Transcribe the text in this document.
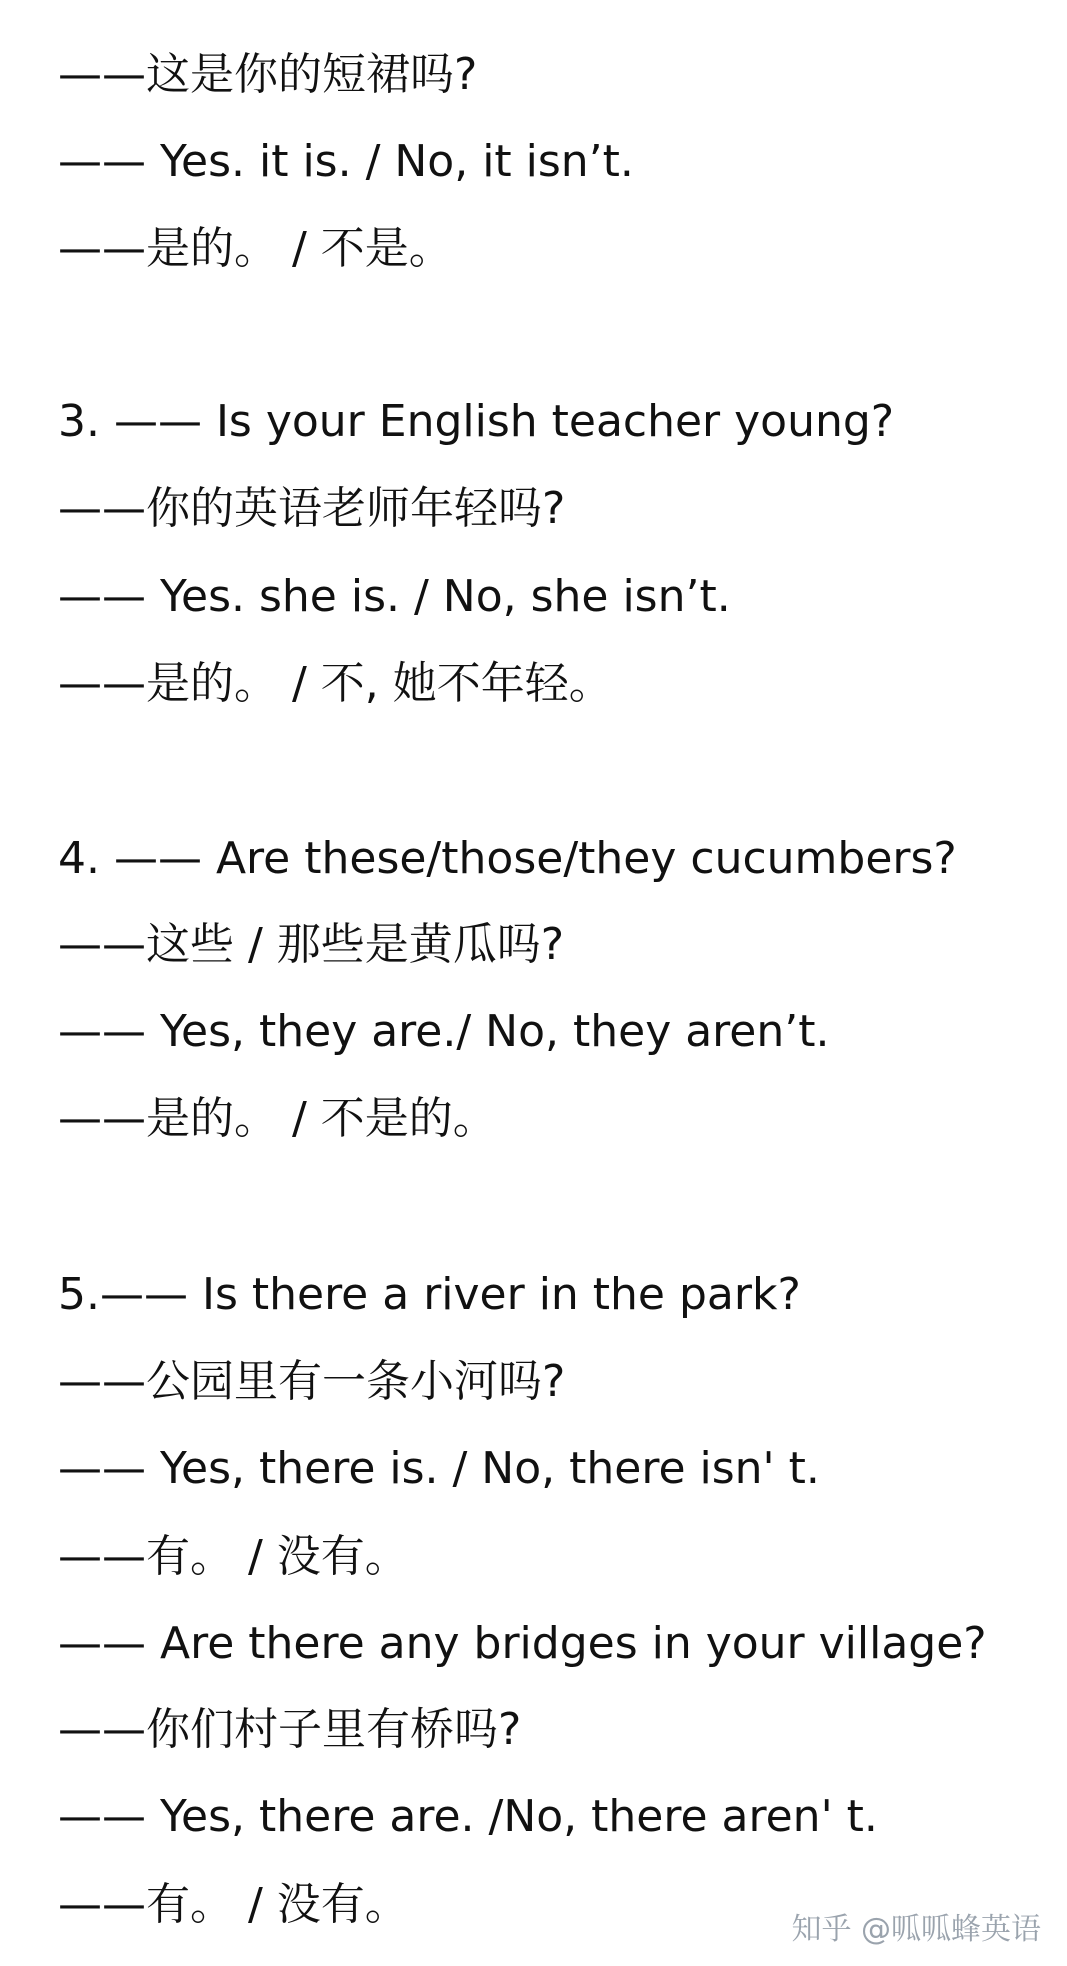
——这是你的短裙吗?
—— Yes. it is. / No, it isn’t.
——是的。 / 不是。
3. —— Is your English teacher young?
——你的英语老师年轻吗?
—— Yes. she is. / No, she isn’t.
——是的。 / 不, 她不年轻。
4. —— Are these/those/they cucumbers?
——这些 / 那些是黄瓜吗?
—— Yes, they are./ No, they aren’t.
——是的。 / 不是的。
5.—— Is there a river in the park?
——公园里有一条小河吗?
—— Yes, there is. / No, there isn' t.
——有。 / 没有。
—— Are there any bridges in your village?
——你们村子里有桥吗?
—— Yes, there are. /No, there aren' t.
——有。 / 没有。	知乎 @呱呱蜂英语
